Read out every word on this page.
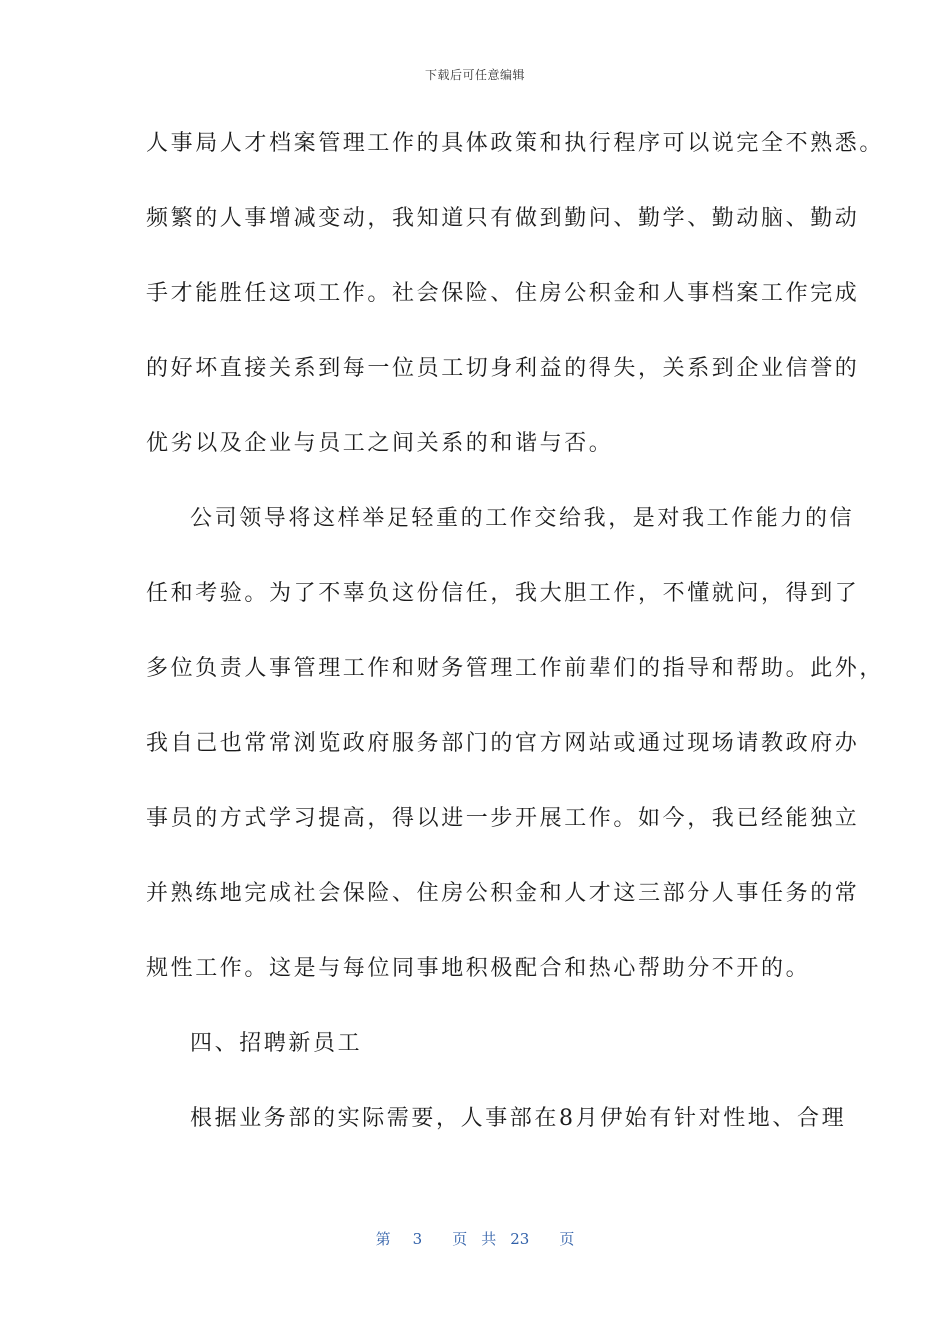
下载后可任意编辑
人事局人才档案管理工作的具体政策和执行程序可以说完全不熟悉。
频繁的人事增减变动，我知道只有做到勤问、勤学、勤动脑、勤动
手才能胜任这项工作。社会保险、住房公积金和人事档案工作完成
的好坏直接关系到每一位员工切身利益的得失，关系到企业信誉的
优劣以及企业与员工之间关系的和谐与否。
公司领导将这样举足轻重的工作交给我，是对我工作能力的信
任和考验。为了不辜负这份信任，我大胆工作，不懂就问，得到了
多位负责人事管理工作和财务管理工作前辈们的指导和帮助。此外，
我自己也常常浏览政府服务部门的官方网站或通过现场请教政府办
事员的方式学习提高，得以进一步开展工作。如今，我已经能独立
并熟练地完成社会保险、住房公积金和人才这三部分人事任务的常
规性工作。这是与每位同事地积极配合和热心帮助分不开的。
四、招聘新员工
根据业务部的实际需要，人事部在8月伊始有针对性地、合理
第 3 页 共 23 页
